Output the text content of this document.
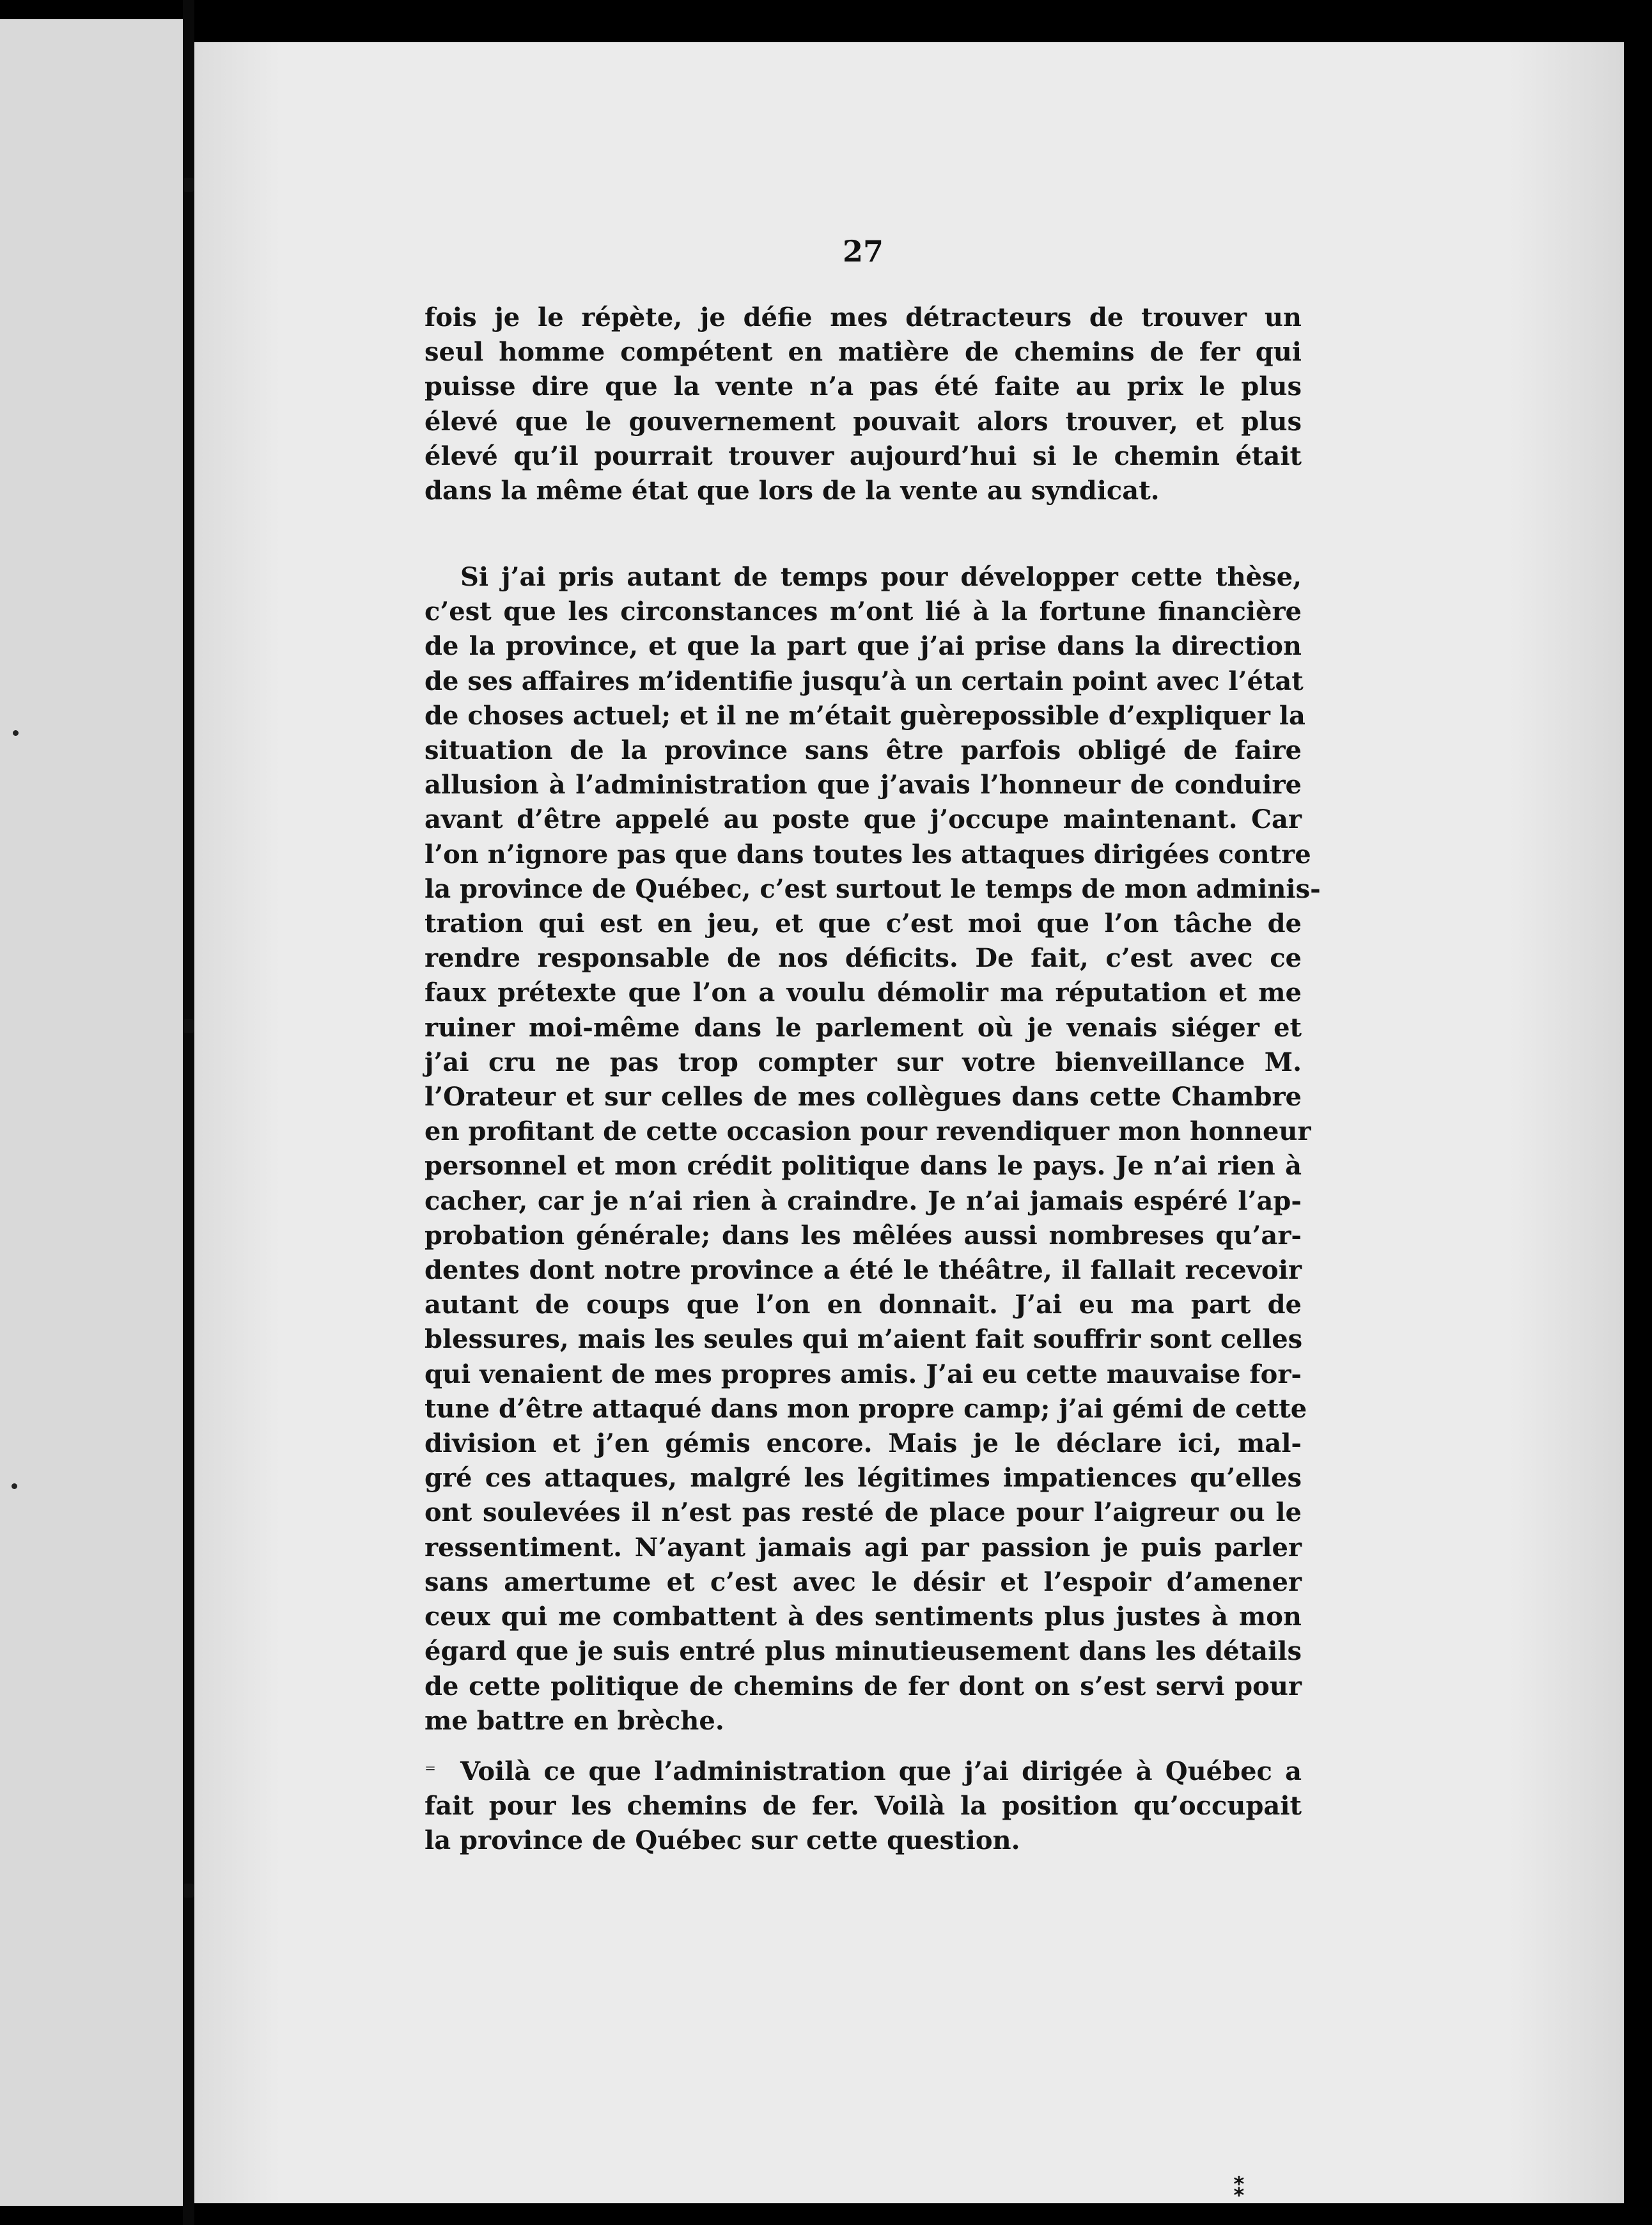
27
fois je le répète, je défie mes détracteurs de trouver un
seul homme compétent en matière de chemins de fer qui
puisse dire que la vente n’a pas été faite au prix le plus
élevé que le gouvernement pouvait alors trouver, et plus
élevé qu’il pourrait trouver aujourd’hui si le chemin était
dans la même état que lors de la vente au syndicat.
Si j’ai pris autant de temps pour développer cette thèse,
c’est que les circonstances m’ont lié à la fortune financière
de la province, et que la part que j’ai prise dans la direction
de ses affaires m’identifie jusqu’à un certain point avec l’état
de choses actuel; et il ne m’était guèrepossible d’expliquer la
situation de la province sans être parfois obligé de faire
allusion à l’administration que j’avais l’honneur de conduire
avant d’être appelé au poste que j’occupe maintenant. Car
l’on n’ignore pas que dans toutes les attaques dirigées contre
la province de Québec, c’est surtout le temps de mon adminis-
tration qui est en jeu, et que c’est moi que l’on tâche de
rendre responsable de nos déficits. De fait, c’est avec ce
faux prétexte que l’on a voulu démolir ma réputation et me
ruiner moi-même dans le parlement où je venais siéger et
j’ai cru ne pas trop compter sur votre bienveillance M.
l’Orateur et sur celles de mes collègues dans cette Chambre
en profitant de cette occasion pour revendiquer mon honneur
personnel et mon crédit politique dans le pays. Je n’ai rien à
cacher, car je n’ai rien à craindre. Je n’ai jamais espéré l’ap-
probation générale; dans les mêlées aussi nombreses qu’ar-
dentes dont notre province a été le théâtre, il fallait recevoir
autant de coups que l’on en donnait. J’ai eu ma part de
blessures, mais les seules qui m’aient fait souffrir sont celles
qui venaient de mes propres amis. J’ai eu cette mauvaise for-
tune d’être attaqué dans mon propre camp; j’ai gémi de cette
division et j’en gémis encore. Mais je le déclare ici, mal-
gré ces attaques, malgré les légitimes impatiences qu’elles
ont soulevées il n’est pas resté de place pour l’aigreur ou le
ressentiment. N’ayant jamais agi par passion je puis parler
sans amertume et c’est avec le désir et l’espoir d’amener
ceux qui me combattent à des sentiments plus justes à mon
égard que je suis entré plus minutieusement dans les détails
de cette politique de chemins de fer dont on s’est servi pour
me battre en brèche.
⁼ Voilà ce que l’administration que j’ai dirigée à Québec a
fait pour les chemins de fer. Voilà la position qu’occupait
la province de Québec sur cette question.
⁑
